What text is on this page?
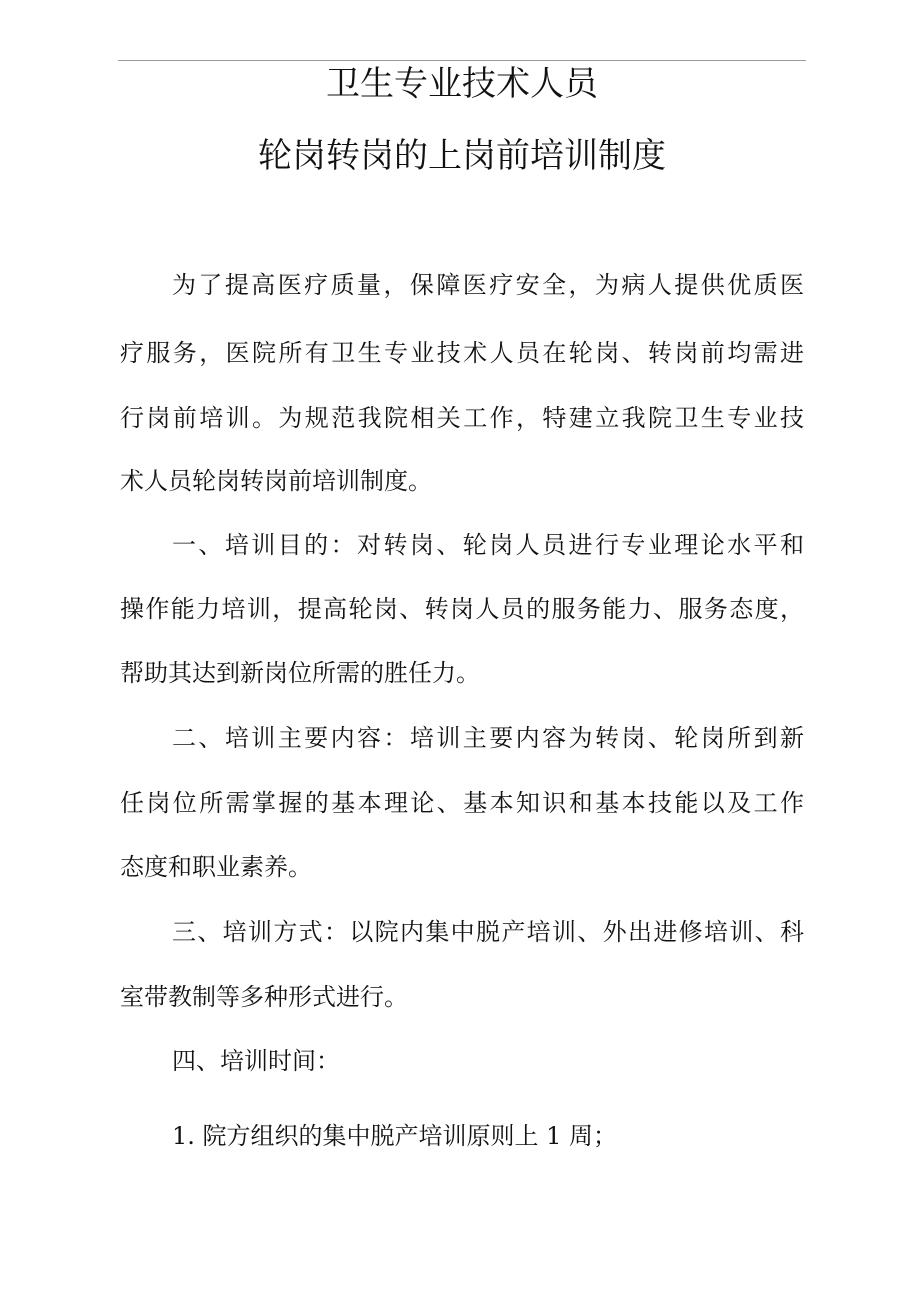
卫生专业技术人员
轮岗转岗的上岗前培训制度

为了提高医疗质量，保障医疗安全，为病人提供优质医

疗服务，医院所有卫生专业技术人员在轮岗、转岗前均需进

行岗前培训。为规范我院相关工作，特建立我院卫生专业技

术人员轮岗转岗前培训制度。

一、培训目的：对转岗、轮岗人员进行专业理论水平和

操作能力培训，提高轮岗、转岗人员的服务能力、服务态度，

帮助其达到新岗位所需的胜任力。

二、培训主要内容：培训主要内容为转岗、轮岗所到新

任岗位所需掌握的基本理论、基本知识和基本技能以及工作

态度和职业素养。

三、培训方式：以院内集中脱产培训、外出进修培训、科

室带教制等多种形式进行。

四、培训时间：

1. 院方组织的集中脱产培训原则上 1 周；
